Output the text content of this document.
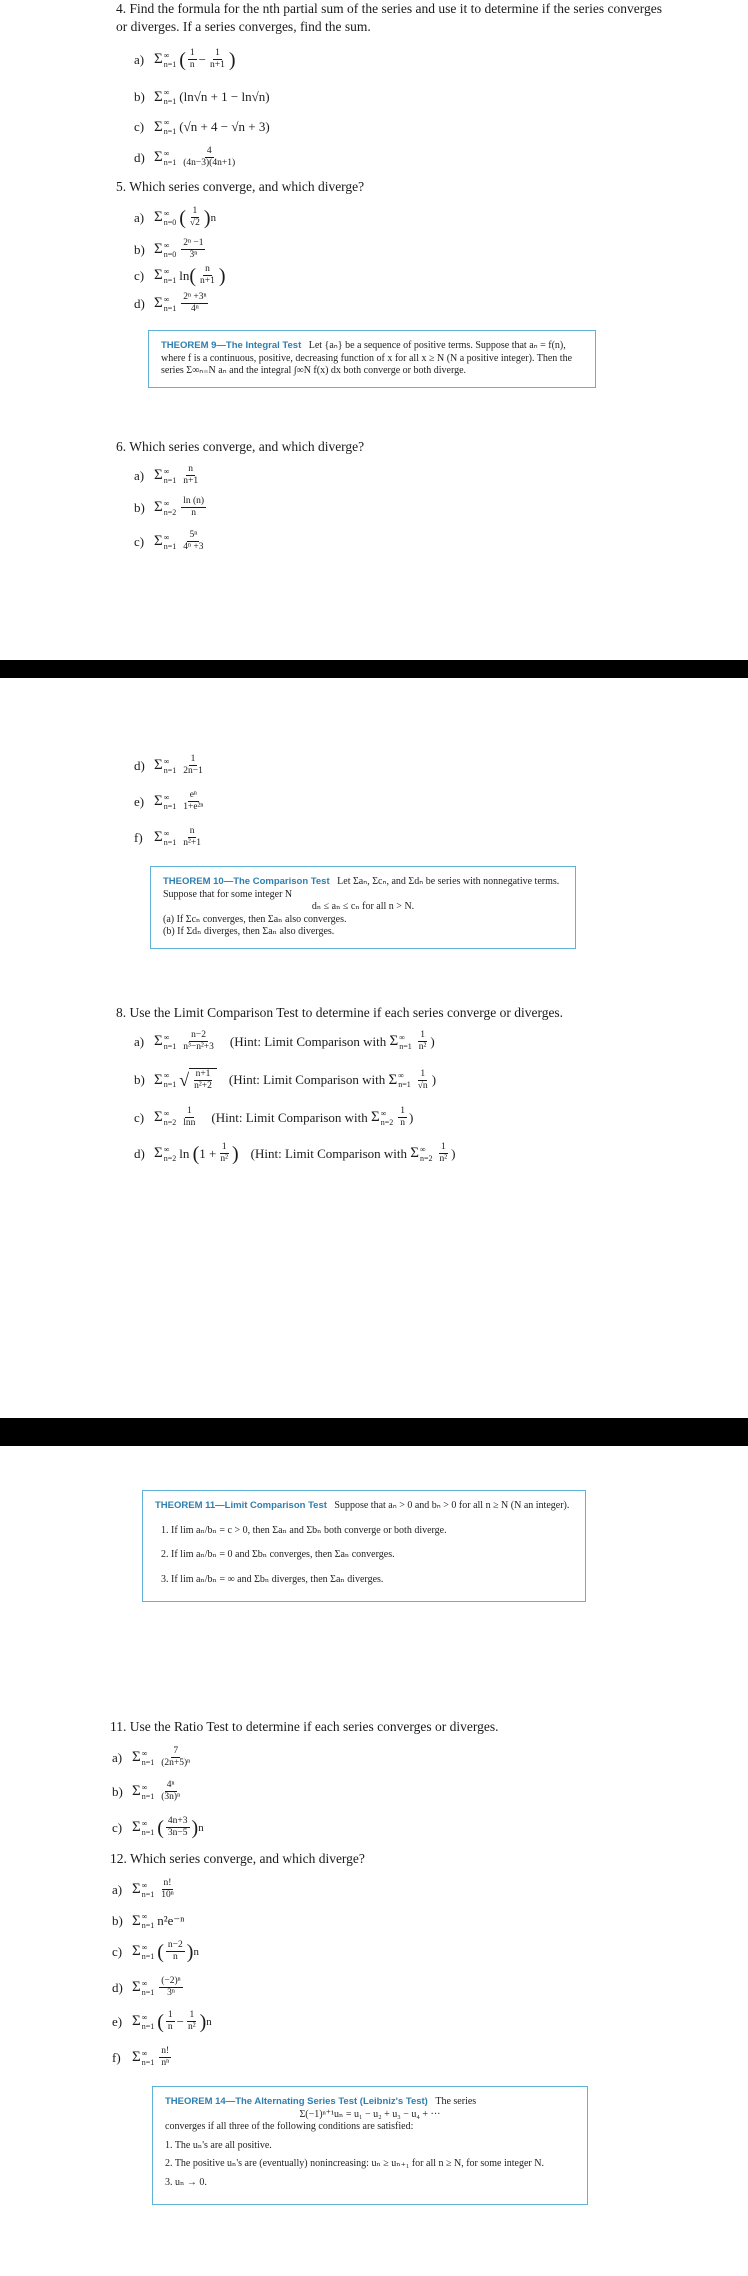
4. Find the formula for the nth partial sum of the series and use it to determine if the series converges or diverges. If a series converges, find the sum.
a) Σ ∞
n=1 ( $\frac{1}{n} - \frac{1}{n+1}$ )
b) Σ ∞
n=1 (ln√n + 1 − ln√n)
c) Σ ∞
n=1 (√n + 4 − √n + 3)
d) Σ ∞
$n=1 \frac{4}{(4n-3)(4n+1)}$
5. Which series converge, and which diverge?
a) Σ ∞
n=0 ( $\frac{1}{√2}$ ) n
b) Σ ∞
$n=0 \frac{\text{2ⁿ −1}}{\text{3ⁿ}}$
c) Σ ∞
n=1 ln ( $\frac{n}{n+1}$ )
d) Σ ∞
$n=1 \frac{\text{2ⁿ +3ⁿ}}{\text{4ⁿ}}$

THEOREM 9—The Integral Test Let {aₙ} be a sequence of positive terms. Suppose that aₙ = f(n), where f is a continuous, positive, decreasing function of x for all x ≥ N (N a positive integer). Then the series Σ∞ₙ₌N aₙ and the integral ∫∞N f(x) dx both converge or both diverge.

6. Which series converge, and which diverge?
a) Σ ∞
$n=1 \frac{n}{n+1}$
b) Σ ∞
$n=2 \frac{\ln (n)}{n}$
c) Σ ∞
$n=1 \frac{\text{5ⁿ}}{\text{4ⁿ +3}}$
d) Σ ∞
$n=1 \frac{1}{2n-1}$
e) Σ ∞
$n=1 \frac{\text{eⁿ}}{\text{1+e²ⁿ}}$
f) Σ ∞
$n=1 \frac{n}{\text{n²+1}}$

THEOREM 10—The Comparison Test Let Σaₙ, Σcₙ, and Σdₙ be series with nonnegative terms. Suppose that for some integer N

dₙ ≤ aₙ ≤ cₙ for all n > N.

(a) If Σcₙ converges, then Σaₙ also converges.

(b) If Σdₙ diverges, then Σaₙ also diverges.

8. Use the Limit Comparison Test to determine if each series converge or diverges.
a) Σ ∞
$n=1 \frac{n-2}{\text{n³−n²+3}}$ (Hint: Limit Comparison with
Σ ∞
$n=1 \frac{1}{\text{n²}}$ )
b) Σ ∞
n=1 √ $\frac{n+1}{\text{n²+2}}$ (Hint: Limit Comparison with
Σ ∞
$n=1 \frac{1}{√n}$ )
c) Σ ∞
$n=2 \frac{1}{\ln n}$ (Hint: Limit Comparison with
Σ ∞
$n=2 \frac{1}{n}$ )
d) Σ ∞
n=2 ln
( $1 + \frac{1}{\text{n²}}$ ) (Hint: Limit Comparison with
Σ ∞
$n=2 \frac{1}{\text{n²}}$ )

THEOREM 11—Limit Comparison Test Suppose that aₙ > 0 and bₙ > 0 for all n ≥ N (N an integer).

1. If lim aₙ/bₙ = c > 0, then Σaₙ and Σbₙ both converge or both diverge.
2. If lim aₙ/bₙ = 0 and Σbₙ converges, then Σaₙ converges.
3. If lim aₙ/bₙ = ∞ and Σbₙ diverges, then Σaₙ diverges.
11. Use the Ratio Test to determine if each series converges or diverges.
a) Σ ∞
$n=1 \frac{7}{\text{(2n+5)ⁿ}}$
b) Σ ∞
$n=1 \frac{\text{4ⁿ}}{\text{(3n)ⁿ}}$
c) Σ ∞
n=1 ( $\frac{4n+3}{3n-5}$ ) n
12. Which series converge, and which diverge?
a) Σ ∞
$n=1 \frac{n!}{\text{10ⁿ}}$
b) Σ ∞
n=1 n²e⁻ⁿ
c) Σ ∞
n=1 ( $\frac{n-2}{n}$ ) n
d) Σ ∞
$n=1 \frac{\text{(−2)ⁿ}}{\text{3ⁿ}}$
e) Σ ∞
n=1 ( $\frac{1}{n} - \frac{1}{\text{n²}}$ ) n
f) Σ ∞
$n=1 \frac{n!}{\text{nⁿ}}$

THEOREM 14—The Alternating Series Test (Leibniz's Test) The series

Σ(−1)ⁿ⁺¹uₙ = u₁ − u₂ + u₃ − u₄ + ···

converges if all three of the following conditions are satisfied:

1. The uₙ's are all positive.
2. The positive uₙ's are (eventually) nonincreasing: uₙ ≥ uₙ₊₁ for all n ≥ N, for some integer N.
3. uₙ → 0.
